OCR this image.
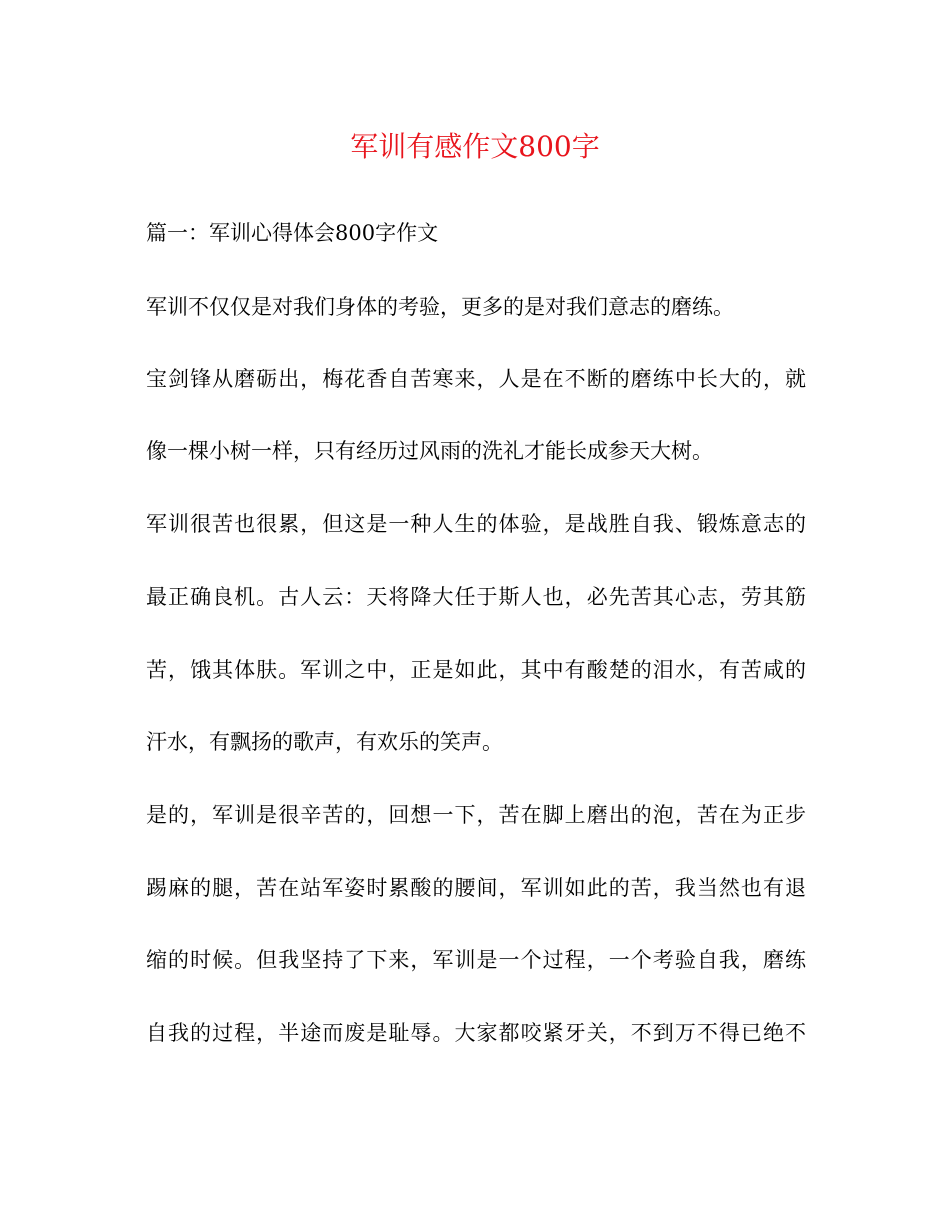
军训有感作文800字
篇一：军训心得体会800字作文
军训不仅仅是对我们身体的考验，更多的是对我们意志的磨练。
宝剑锋从磨砺出，梅花香自苦寒来，人是在不断的磨练中长大的，就
像一棵小树一样，只有经历过风雨的洗礼才能长成参天大树。
军训很苦也很累，但这是一种人生的体验，是战胜自我、锻炼意志的
最正确良机。古人云：天将降大任于斯人也，必先苦其心志，劳其筋
苦，饿其体肤。军训之中，正是如此，其中有酸楚的泪水，有苦咸的
汗水，有飘扬的歌声，有欢乐的笑声。
是的，军训是很辛苦的，回想一下，苦在脚上磨出的泡，苦在为正步
踢麻的腿，苦在站军姿时累酸的腰间，军训如此的苦，我当然也有退
缩的时候。但我坚持了下来，军训是一个过程，一个考验自我，磨练
自我的过程，半途而废是耻辱。大家都咬紧牙关，不到万不得已绝不
